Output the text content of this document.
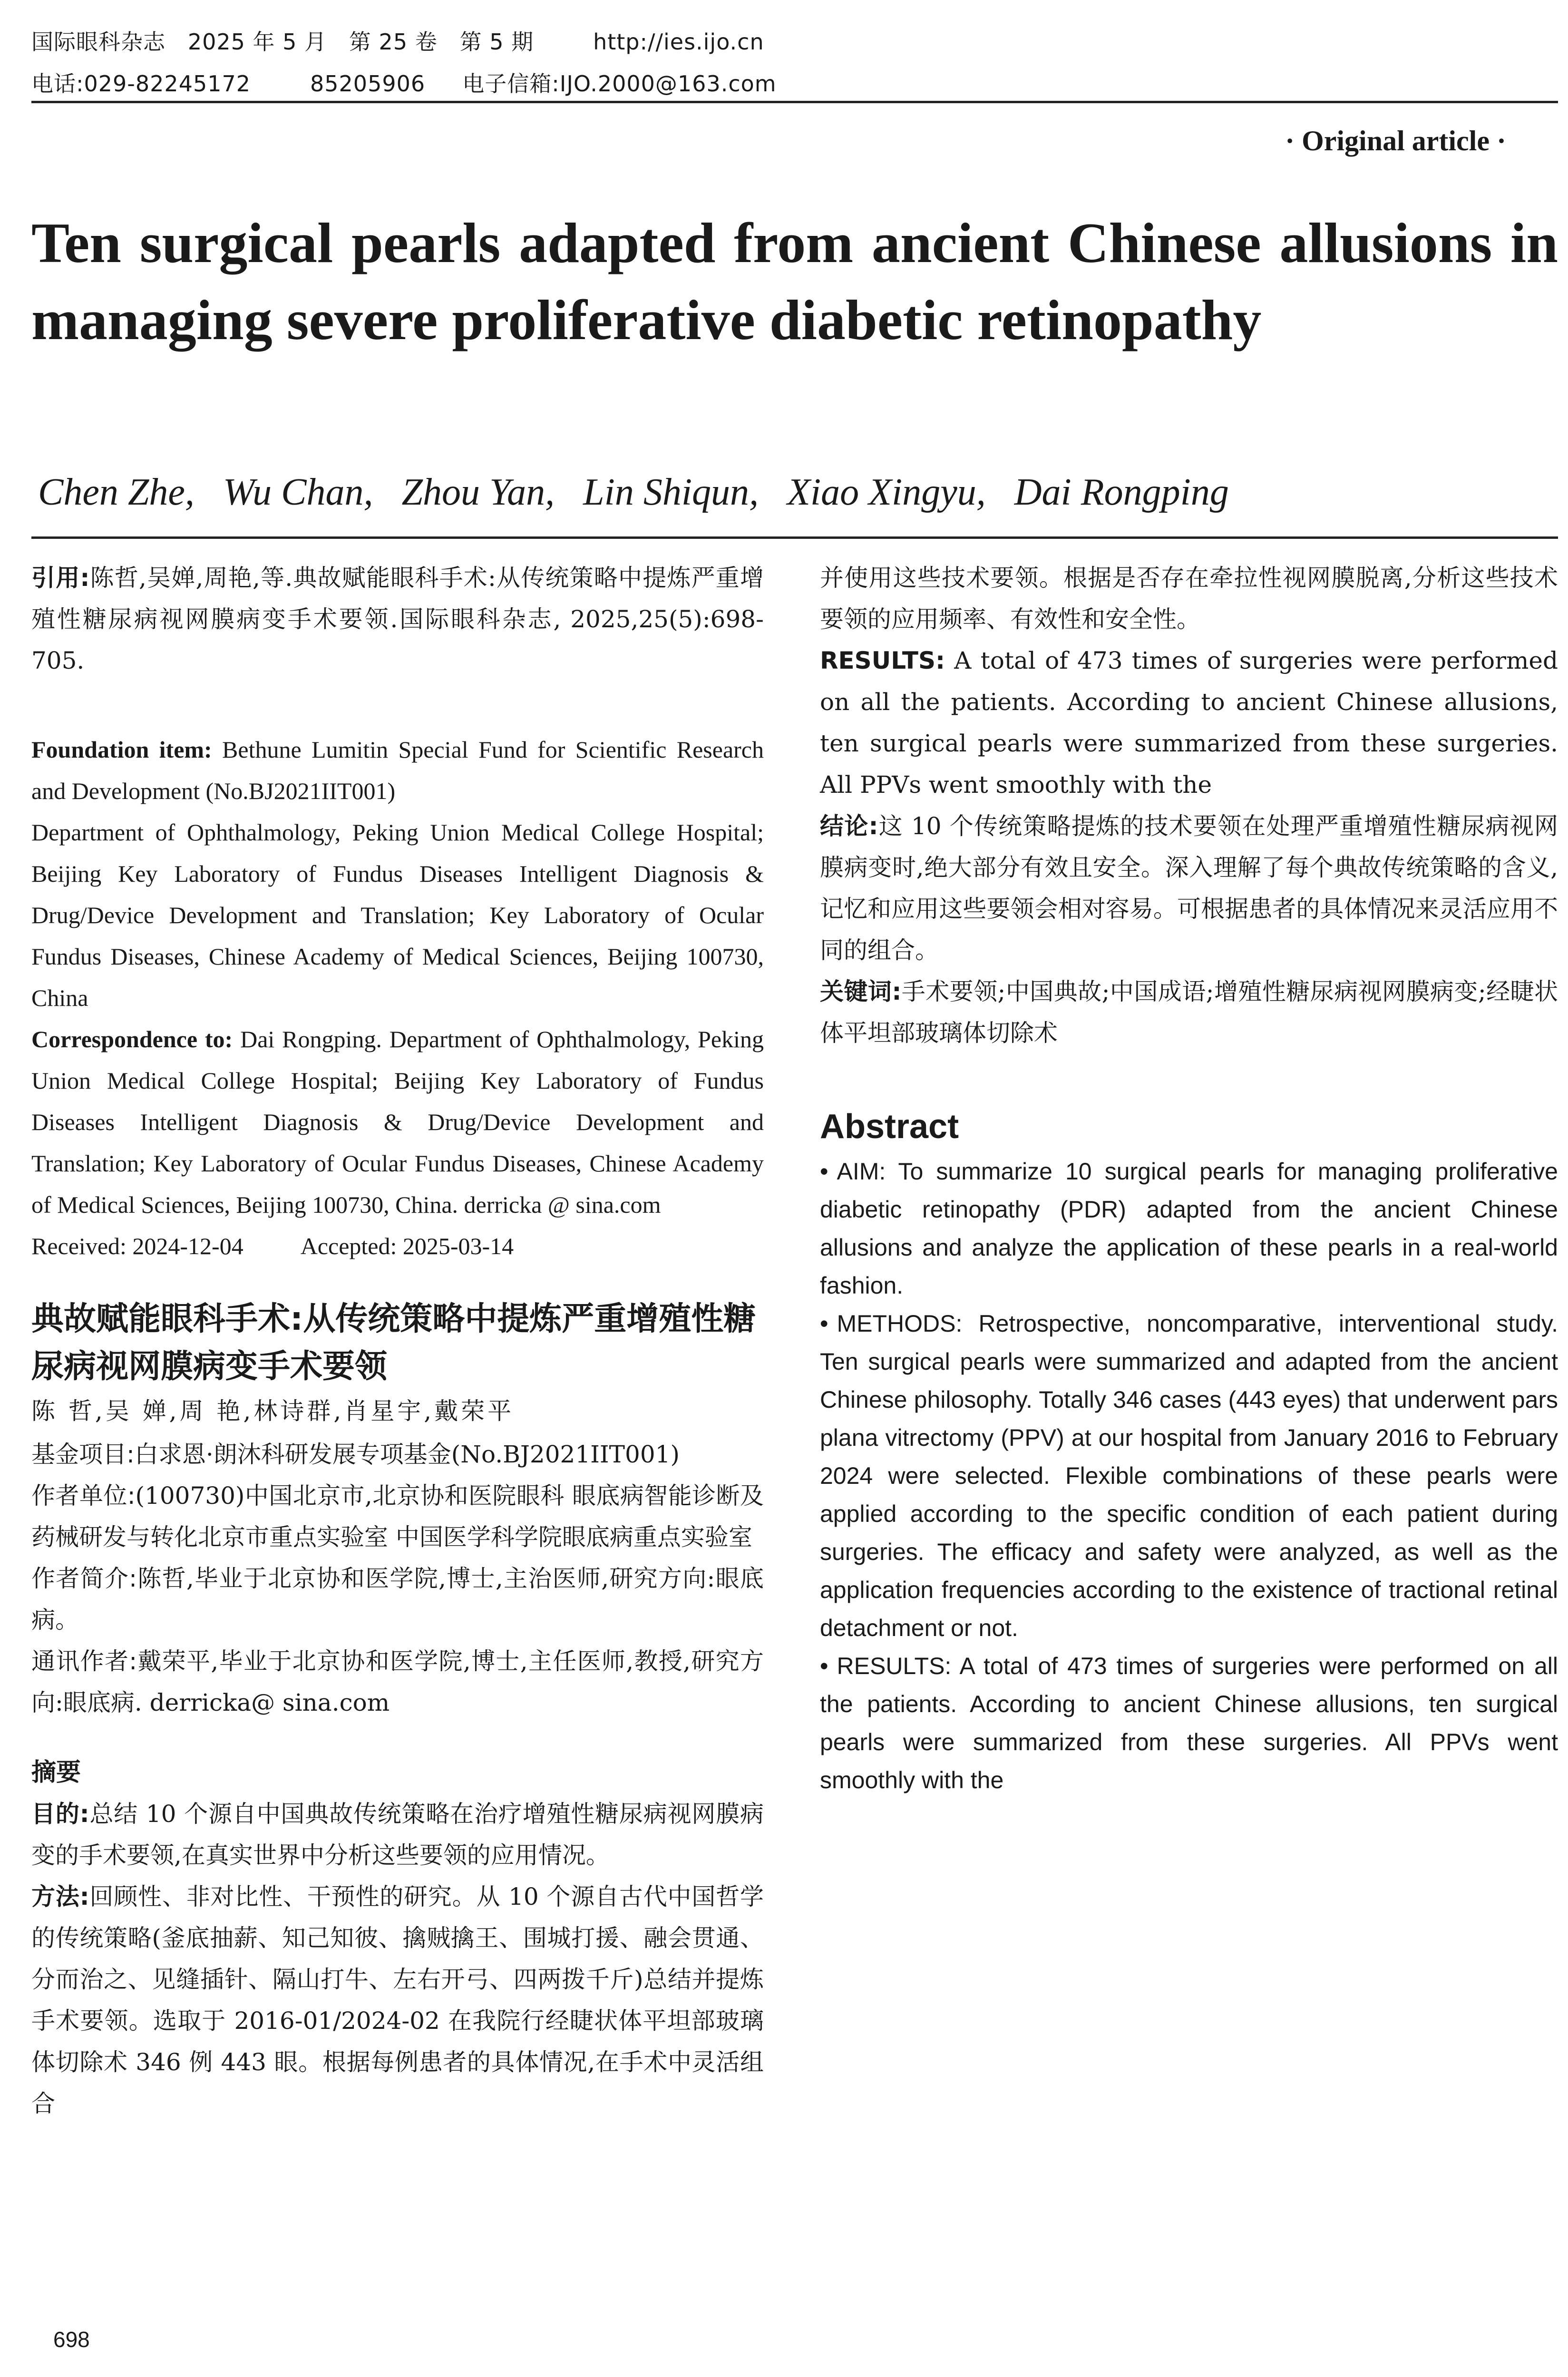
国际眼科杂志   2025 年 5 月   第 25 卷   第 5 期        http://ies.ijo.cn
电话:029-82245172        85205906     电子信箱:IJO.2000@163.com
· Original article ·
Ten surgical pearls adapted from ancient Chinese allusions in managing severe proliferative diabetic retinopathy
Chen Zhe,   Wu Chan,   Zhou Yan,   Lin Shiqun,   Xiao Xingyu,   Dai Rongping

引用:陈哲,吴婵,周艳,等.典故赋能眼科手术:从传统策略中提炼严重增殖性糖尿病视网膜病变手术要领.国际眼科杂志, 2025,25(5):698-705.

Foundation item: Bethune Lumitin Special Fund for Scientific Research and Development (No.BJ2021IIT001)

Department of Ophthalmology, Peking Union Medical College Hospital; Beijing Key Laboratory of Fundus Diseases Intelligent Diagnosis & Drug/Device Development and Translation; Key Laboratory of Ocular Fundus Diseases, Chinese Academy of Medical Sciences, Beijing 100730, China

Correspondence to: Dai Rongping. Department of Ophthalmology, Peking Union Medical College Hospital; Beijing Key Laboratory of Fundus Diseases Intelligent Diagnosis & Drug/Device Development and Translation; Key Laboratory of Ocular Fundus Diseases, Chinese Academy of Medical Sciences, Beijing 100730, China. derricka @ sina.com

Received: 2024-12-04 Accepted: 2025-03-14

典故赋能眼科手术:从传统策略中提炼严重增殖性糖尿病视网膜病变手术要领

陈 哲,吴 婵,周 艳,林诗群,肖星宇,戴荣平

基金项目:白求恩·朗沐科研发展专项基金(No.BJ2021IIT001)

作者单位:(100730)中国北京市,北京协和医院眼科 眼底病智能诊断及药械研发与转化北京市重点实验室 中国医学科学院眼底病重点实验室

作者简介:陈哲,毕业于北京协和医学院,博士,主治医师,研究方向:眼底病。

通讯作者:戴荣平,毕业于北京协和医学院,博士,主任医师,教授,研究方向:眼底病. derricka@ sina.com

摘要

目的:总结 10 个源自中国典故传统策略在治疗增殖性糖尿病视网膜病变的手术要领,在真实世界中分析这些要领的应用情况。

方法:回顾性、非对比性、干预性的研究。从 10 个源自古代中国哲学的传统策略(釜底抽薪、知己知彼、擒贼擒王、围城打援、融会贯通、分而治之、见缝插针、隔山打牛、左右开弓、四两拨千斤)总结并提炼手术要领。选取于 2016-01/2024-02 在我院行经睫状体平坦部玻璃体切除术 346 例 443 眼。根据每例患者的具体情况,在手术中灵活组合

并使用这些技术要领。根据是否存在牵拉性视网膜脱离,分析这些技术要领的应用频率、有效性和安全性。

RESULTS: A total of 473 times of surgeries were performed on all the patients. According to ancient Chinese allusions, ten surgical pearls were summarized from these surgeries. All PPVs went smoothly with the

结论:这 10 个传统策略提炼的技术要领在处理严重增殖性糖尿病视网膜病变时,绝大部分有效且安全。深入理解了每个典故传统策略的含义,记忆和应用这些要领会相对容易。可根据患者的具体情况来灵活应用不同的组合。

关键词:手术要领;中国典故;中国成语;增殖性糖尿病视网膜病变;经睫状体平坦部玻璃体切除术

Abstract

• AIM: To summarize 10 surgical pearls for managing proliferative diabetic retinopathy (PDR) adapted from the ancient Chinese allusions and analyze the application of these pearls in a real-world fashion.

• METHODS: Retrospective, noncomparative, interventional study. Ten surgical pearls were summarized and adapted from the ancient Chinese philosophy. Totally 346 cases (443 eyes) that underwent pars plana vitrectomy (PPV) at our hospital from January 2016 to February 2024 were selected. Flexible combinations of these pearls were applied according to the specific condition of each patient during surgeries. The efficacy and safety were analyzed, as well as the application frequencies according to the existence of tractional retinal detachment or not.

• RESULTS: A total of 473 times of surgeries were performed on all the patients. According to ancient Chinese allusions, ten surgical pearls were summarized from these surgeries. All PPVs went smoothly with the

698
